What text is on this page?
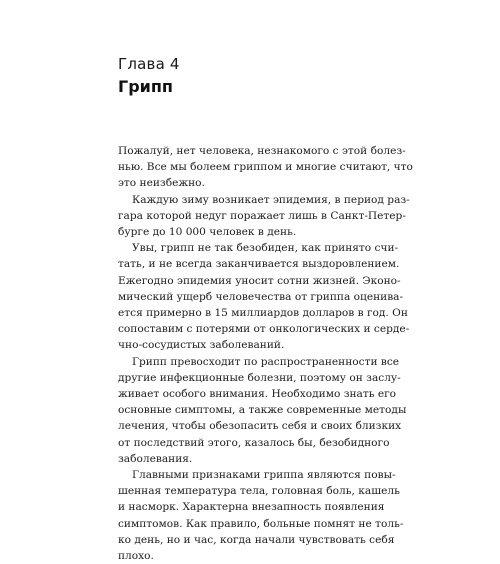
Глава 4
Грипп

Пожалуй, нет человека, незнакомого с этой болез-
нью. Все мы болеем гриппом и многие считают, что
это неизбежно.

Каждую зиму возникает эпидемия, в период раз-
гара которой недуг поражает лишь в Санкт-Петер-
бурге до 10 000 человек в день.

Увы, грипп не так безобиден, как принято счи-
тать, и не всегда заканчивается выздоровлением.
Ежегодно эпидемия уносит сотни жизней. Эконо-
мический ущерб человечества от гриппа оценива-
ется примерно в 15 миллиардов долларов в год. Он
сопоставим с потерями от онкологических и серде-
чно-сосудистых заболеваний.

Грипп превосходит по распространенности все
другие инфекционные болезни, поэтому он заслу-
живает особого внимания. Необходимо знать его
основные симптомы, а также современные методы
лечения, чтобы обезопасить себя и своих близких
от последствий этого, казалось бы, безобидного
заболевания.

Главными признаками гриппа являются повы-
шенная температура тела, головная боль, кашель
и насморк. Характерна внезапность появления
симптомов. Как правило, больные помнят не толь-
ко день, но и час, когда начали чувствовать себя
плохо.
